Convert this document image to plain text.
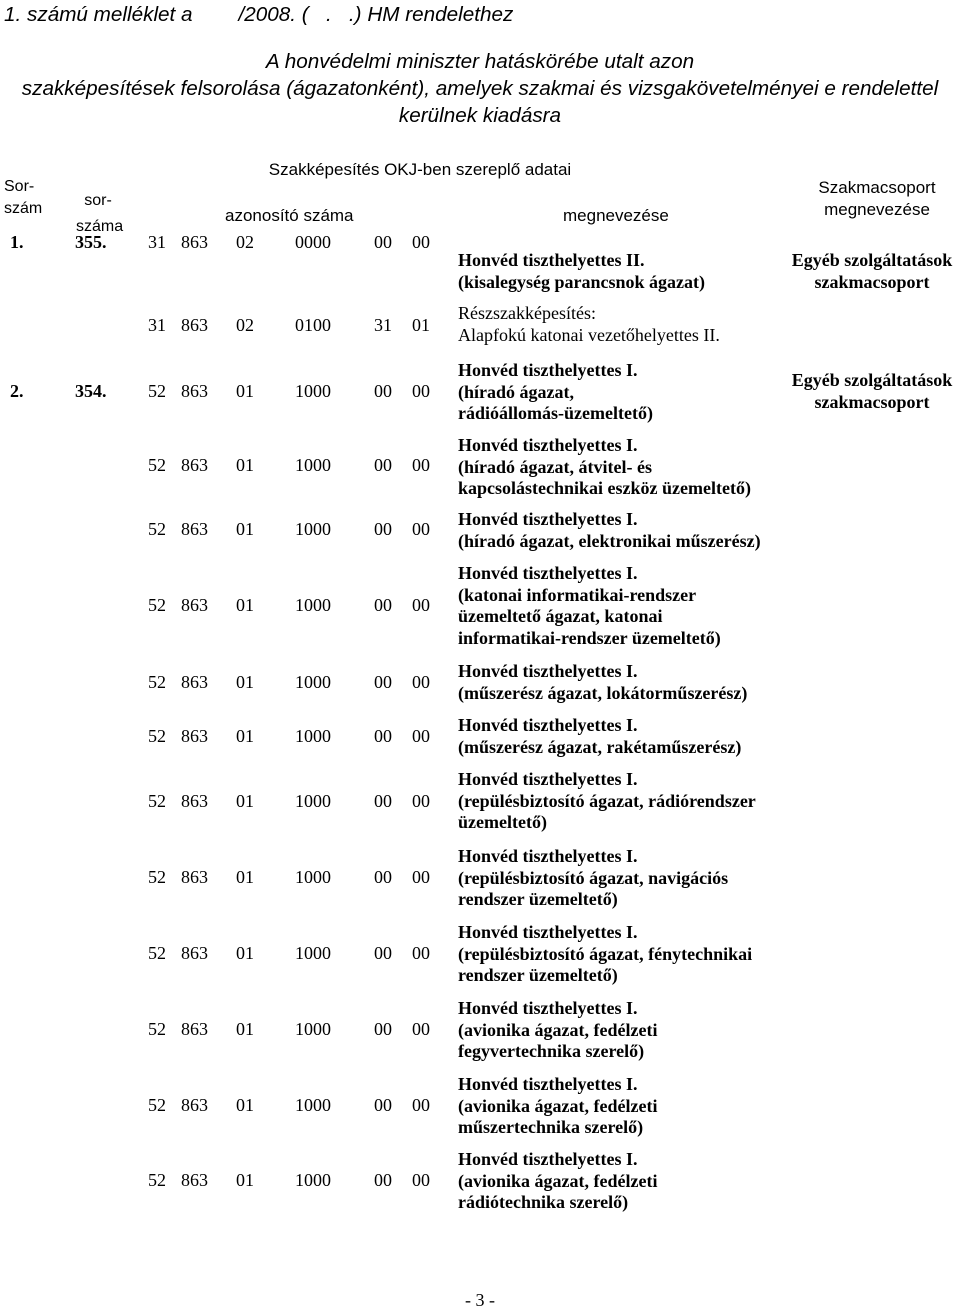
1. számú melléklet a        /2008. (   .   .) HM rendelethez
A honvédelmi miniszter hatáskörébe utalt azon
szakképesítések felsorolása (ágazatonként), amelyek szakmai és vizsgakövetelményei e rendelettel
kerülnek kiadásra
Sor-
szám	sor-
száma
Szakképesítés OKJ-ben szereplő adatai
azonosító száma	megnevezése
Szakmacsoport
megnevezése
1.	355. 31 863 02 0000 00 00
Honvéd tiszthelyettes II.
(kisalegység parancsnok ágazat)
Egyéb szolgáltatások
szakmacsoport
31 863 02 0100 31 01
Részszakképesítés:
Alapfokú katonai vezetőhelyettes II.
2.	354. 52 863 01 1000 00 00
Honvéd tiszthelyettes I.
(híradó ágazat,
rádióállomás-üzemeltető)
Egyéb szolgáltatások
szakmacsoport
52 863 01 1000 00 00
Honvéd tiszthelyettes I.
(híradó ágazat, átvitel- és
kapcsolástechnikai eszköz üzemeltető)
52 863 01 1000 00 00 Honvéd tiszthelyettes I.
(híradó ágazat, elektronikai műszerész)
52 863 01 1000 00 00
Honvéd tiszthelyettes I.
(katonai informatikai-rendszer
üzemeltető ágazat, katonai
informatikai-rendszer üzemeltető)
52 863 01 1000 00 00
Honvéd tiszthelyettes I.
(műszerész ágazat, lokátorműszerész)
52 863 01 1000 00 00
Honvéd tiszthelyettes I.
(műszerész ágazat, rakétaműszerész)
52 863 01 1000 00 00
Honvéd tiszthelyettes I.
(repülésbiztosító ágazat, rádiórendszer
üzemeltető)
52 863 01 1000 00 00
Honvéd tiszthelyettes I.
(repülésbiztosító ágazat, navigációs
rendszer üzemeltető)
52 863 01 1000 00 00
Honvéd tiszthelyettes I.
(repülésbiztosító ágazat, fénytechnikai
rendszer üzemeltető)
52 863 01 1000 00 00
Honvéd tiszthelyettes I.
(avionika ágazat, fedélzeti
fegyvertechnika szerelő)
52 863 01 1000 00 00
Honvéd tiszthelyettes I.
(avionika ágazat, fedélzeti
műszertechnika szerelő)
52 863 01 1000 00 00
Honvéd tiszthelyettes I.
(avionika ágazat, fedélzeti
rádiótechnika szerelő)
- 3 -
